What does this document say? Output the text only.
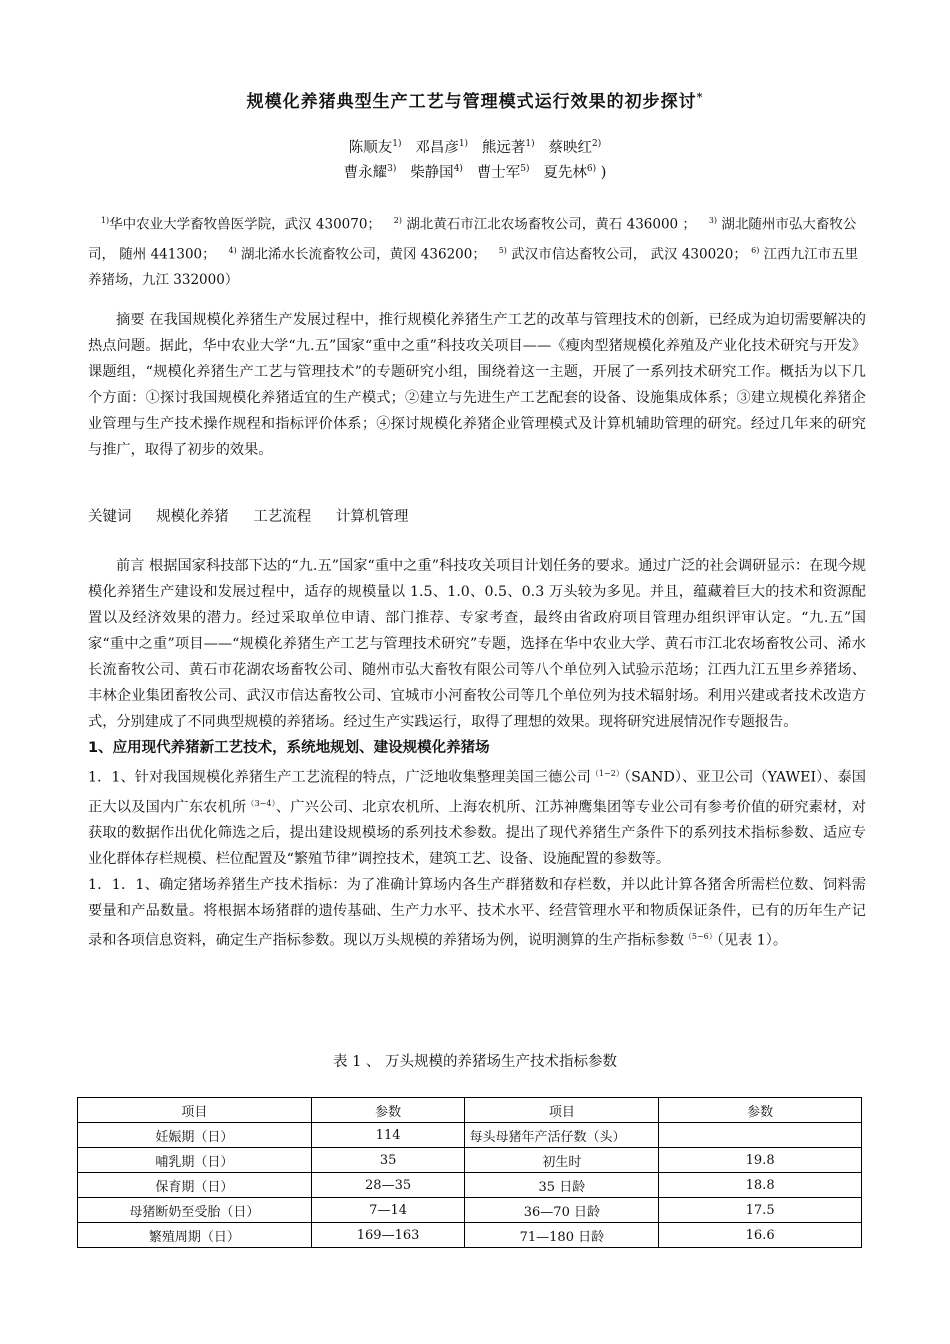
规模化养猪典型生产工艺与管理模式运行效果的初步探讨*
陈顺友$^{1)}$ 邓昌彦$^{1)}$ 熊远著$^{1)}$ 蔡映红$^{2)}$
曹永耀$^{3)}$ 柴静国$^{4)}$ 曹士军$^{5)}$ 夏先林$^{6)}$ )
$^{1)}$华中农业大学畜牧兽医学院，武汉 430070； $^{2)}$ 湖北黄石市江北农场畜牧公司，黄石 436000 ； $^{3)}$ 湖北随州市弘大畜牧公司， 随州 441300； $^{4)}$ 湖北浠水长流畜牧公司，黄冈 436200； $^{5)}$ 武汉市信达畜牧公司， 武汉 430020； $^{6)}$ 江西九江市五里养猪场，九江 332000）
摘要 在我国规模化养猪生产发展过程中，推行规模化养猪生产工艺的改革与管理技术的创新，已经成为迫切需要解决的热点问题。据此，华中农业大学“九.五”国家“重中之重”科技攻关项目——《瘦肉型猪规模化养殖及产业化技术研究与开发》课题组，“规模化养猪生产工艺与管理技术”的专题研究小组，围绕着这一主题，开展了一系列技术研究工作。概括为以下几个方面：①探讨我国规模化养猪适宜的生产模式；②建立与先进生产工艺配套的设备、设施集成体系；③建立规模化养猪企业管理与生产技术操作规程和指标评价体系；④探讨规模化养猪企业管理模式及计算机辅助管理的研究。经过几年来的研究与推广，取得了初步的效果。
关键词 规模化养猪 工艺流程 计算机管理

前言 根据国家科技部下达的“九.五”国家“重中之重”科技攻关项目计划任务的要求。通过广泛的社会调研显示：在现今规模化养猪生产建设和发展过程中，适存的规模量以 1.5、1.0、0.5、0.3 万头较为多见。并且，蕴藏着巨大的技术和资源配置以及经济效果的潜力。经过采取单位申请、部门推荐、专家考查，最终由省政府项目管理办组织评审认定。“九.五”国家“重中之重”项目——“规模化养猪生产工艺与管理技术研究”专题，选择在华中农业大学、黄石市江北农场畜牧公司、浠水长流畜牧公司、黄石市花湖农场畜牧公司、随州市弘大畜牧有限公司等八个单位列入试验示范场；江西九江五里乡养猪场、丰林企业集团畜牧公司、武汉市信达畜牧公司、宜城市小河畜牧公司等几个单位列为技术辐射场。利用兴建或者技术改造方式，分别建成了不同典型规模的养猪场。经过生产实践运行，取得了理想的效果。现将研究进展情况作专题报告。

1、应用现代养猪新工艺技术，系统地规划、建设规模化养猪场

1．1、针对我国规模化养猪生产工艺流程的特点，广泛地收集整理美国三德公司$^{(1-2)}$（SAND）、亚卫公司（YAWEI）、泰国正大以及国内广东农机所$^{(3-4)}$、广兴公司、北京农机所、上海农机所、江苏神鹰集团等专业公司有参考价值的研究素材，对获取的数据作出优化筛选之后，提出建设规模场的系列技术参数。提出了现代养猪生产条件下的系列技术指标参数、适应专业化群体存栏规模、栏位配置及“繁殖节律”调控技术，建筑工艺、设备、设施配置的参数等。

1．1．1、确定猪场养猪生产技术指标：为了准确计算场内各生产群猪数和存栏数，并以此计算各猪舍所需栏位数、饲料需要量和产品数量。将根据本场猪群的遗传基础、生产力水平、技术水平、经营管理水平和物质保证条件，已有的历年生产记录和各项信息资料，确定生产指标参数。现以万头规模的养猪场为例，说明测算的生产指标参数$^{(5-6)}$（见表 1）。

表 1 、 万头规模的养猪场生产技术指标参数
项目	参数	项目	参数
妊娠期（日）	114	每头母猪年产活仔数（头）	
哺乳期（日）	35	初生时	19.8
保育期（日）	28—35	35 日龄	18.8
母猪断奶至受胎（日）	7—14	36—70 日龄	17.5
繁殖周期（日）	169—163	71—180 日龄	16.6
